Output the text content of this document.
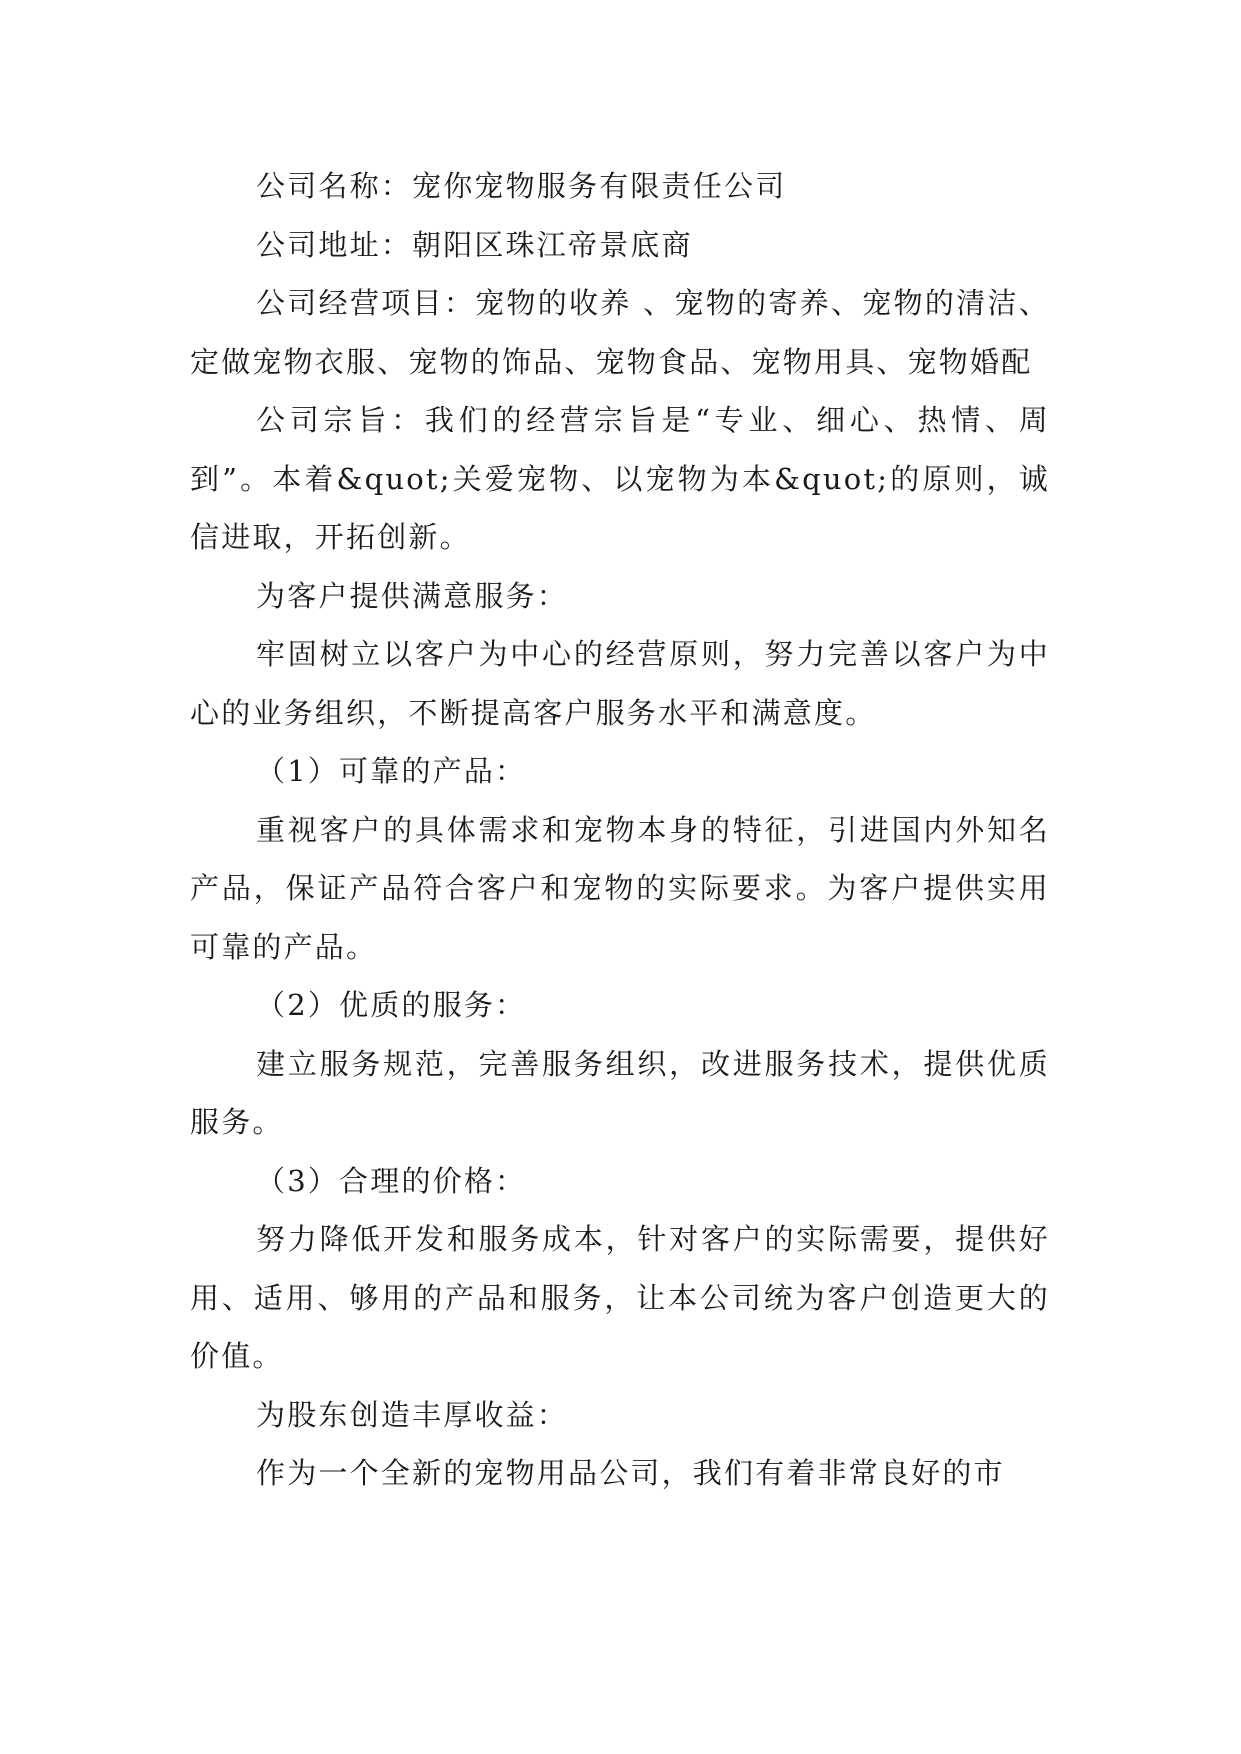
公司名称：宠你宠物服务有限责任公司

公司地址：朝阳区珠江帝景底商

公司经营项目：宠物的收养 、宠物的寄养、宠物的清洁、定做宠物衣服、宠物的饰品、宠物食品、宠物用具、宠物婚配

公司宗旨：我们的经营宗旨是“专业、细心、热情、周到”。本着&quot;关爱宠物、以宠物为本&quot;的原则，诚信进取，开拓创新。

为客户提供满意服务：

牢固树立以客户为中心的经营原则，努力完善以客户为中心的业务组织，不断提高客户服务水平和满意度。

（1）可靠的产品：

重视客户的具体需求和宠物本身的特征，引进国内外知名产品，保证产品符合客户和宠物的实际要求。为客户提供实用可靠的产品。

（2）优质的服务：

建立服务规范，完善服务组织，改进服务技术，提供优质服务。

（3）合理的价格：

努力降低开发和服务成本，针对客户的实际需要，提供好用、适用、够用的产品和服务，让本公司统为客户创造更大的价值。

为股东创造丰厚收益：

作为一个全新的宠物用品公司，我们有着非常良好的市
